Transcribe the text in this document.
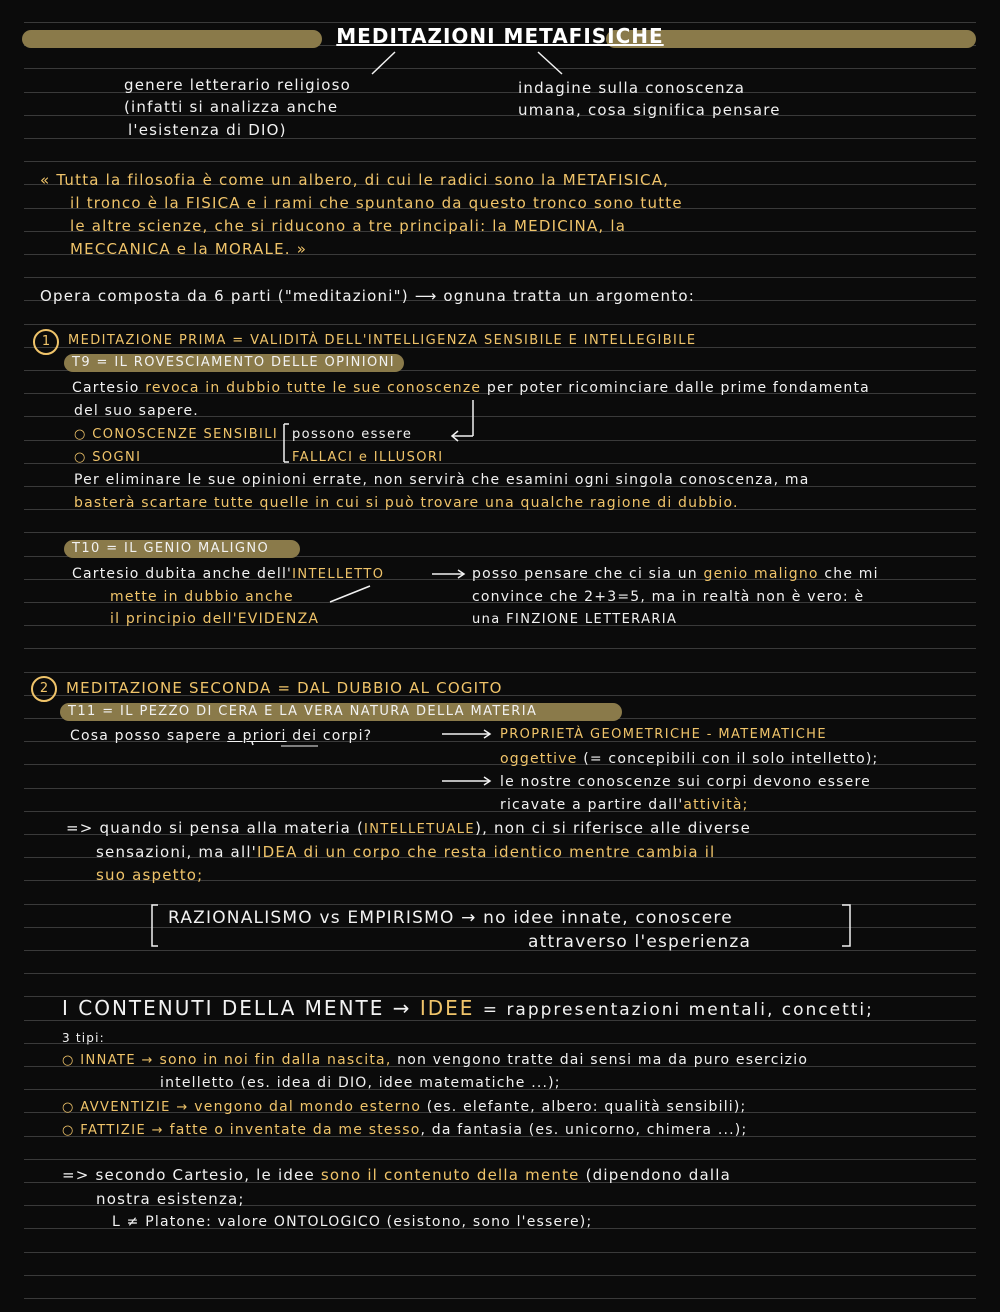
MEDITAZIONI METAFISICHE
genere letterario religioso
(infatti si analizza anche
l'esistenza di DIO)
indagine sulla conoscenza
umana, cosa significa pensare
« Tutta la filosofia è come un albero, di cui le radici sono la METAFISICA,
il tronco è la FISICA e i rami che spuntano da questo tronco sono tutte
le altre scienze, che si riducono a tre principali: la MEDICINA, la
MECCANICA e la MORALE. »
Opera composta da 6 parti ("meditazioni") ⟶ ognuna tratta un argomento:
1	MEDITAZIONE PRIMA = VALIDITÀ DELL'INTELLIGENZA SENSIBILE E INTELLEGIBILE
T9 = IL ROVESCIAMENTO DELLE OPINIONI
Cartesio revoca in dubbio tutte le sue conoscenze per poter ricominciare dalle prime fondamenta
del suo sapere.
○ CONOSCENZE SENSIBILI
○ SOGNI
possono essere
FALLACI e ILLUSORI
Per eliminare le sue opinioni errate, non servirà che esamini ogni singola conoscenza, ma
basterà scartare tutte quelle in cui si può trovare una qualche ragione di dubbio.
T10 = IL GENIO MALIGNO
Cartesio dubita anche dell'INTELLETTO
mette in dubbio anche
il principio dell'EVIDENZA
posso pensare che ci sia un genio maligno che mi
convince che 2+3=5, ma in realtà non è vero: è
una FINZIONE LETTERARIA
2	MEDITAZIONE SECONDA = DAL DUBBIO AL COGITO
T11 = IL PEZZO DI CERA E LA VERA NATURA DELLA MATERIA
Cosa posso sapere a priori dei corpi?	PROPRIETÀ GEOMETRICHE - MATEMATICHE
oggettive (= concepibili con il solo intelletto);
le nostre conoscenze sui corpi devono essere
ricavate a partire dall'attività;
=> quando si pensa alla materia (INTELLETUALE), non ci si riferisce alle diverse
sensazioni, ma all'IDEA di un corpo che resta identico mentre cambia il
suo aspetto;
RAZIONALISMO vs EMPIRISMO → no idee innate, conoscere
attraverso l'esperienza
I CONTENUTI DELLA MENTE → IDEE = rappresentazioni mentali, concetti;
3 tipi:
○ INNATE → sono in noi fin dalla nascita, non vengono tratte dai sensi ma da puro esercizio
intelletto (es. idea di DIO, idee matematiche ...);
○ AVVENTIZIE → vengono dal mondo esterno (es. elefante, albero: qualità sensibili);
○ FATTIZIE → fatte o inventate da me stesso, da fantasia (es. unicorno, chimera ...);
=> secondo Cartesio, le idee sono il contenuto della mente (dipendono dalla
nostra esistenza;
L ≠ Platone: valore ONTOLOGICO (esistono, sono l'essere);
